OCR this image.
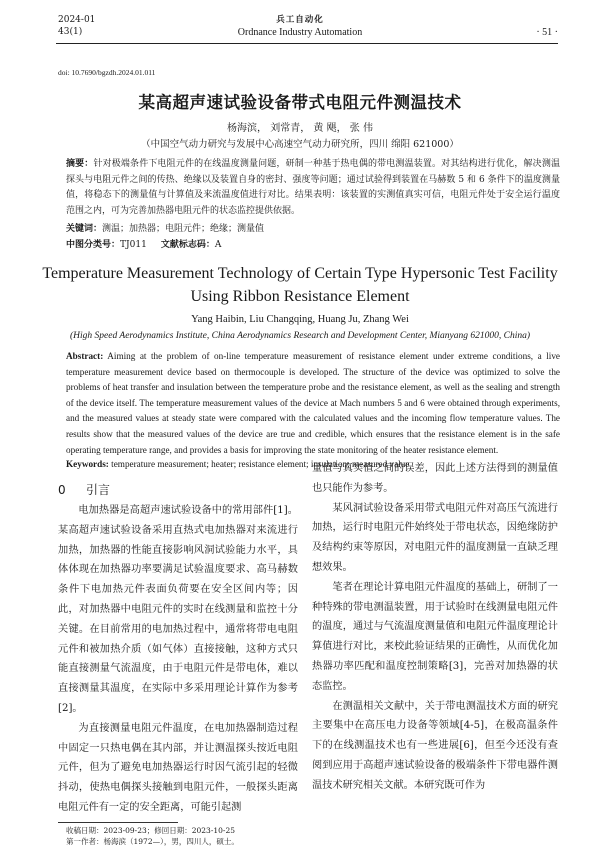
2024-01
43(1)
兵工自动化
Ordnance Industry Automation	· 51 ·
doi: 10.7690/bgzdh.2024.01.011
某高超声速试验设备带式电阻元件测温技术
杨海滨， 刘常青， 黄 飓， 张 伟
（中国空气动力研究与发展中心高速空气动力研究所，四川 绵阳 621000）
摘要：针对极端条件下电阻元件的在线温度测量问题，研制一种基于热电偶的带电测温装置。对其结构进行优化，解决测温探头与电阻元件之间的传热、绝缘以及装置自身的密封、强度等问题；通过试验得到装置在马赫数 5 和 6 条件下的温度测量值，将稳态下的测量值与计算值及来流温度值进行对比。结果表明：该装置的实测值真实可信，电阻元件处于安全运行温度范围之内，可为完善加热器电阻元件的状态监控提供依据。
关键词：测温；加热器；电阻元件；绝缘；测量值
中图分类号：TJ011 文献标志码：A
Temperature Measurement Technology of Certain Type Hypersonic Test Facility
Using Ribbon Resistance Element
Yang Haibin, Liu Changqing, Huang Ju, Zhang Wei
(High Speed Aerodynamics Institute, China Aerodynamics Research and Development Center, Mianyang 621000, China)
Abstract: Aiming at the problem of on-line temperature measurement of resistance element under extreme conditions, a live temperature measurement device based on thermocouple is developed. The structure of the device was optimized to solve the problems of heat transfer and insulation between the temperature probe and the resistance element, as well as the sealing and strength of the device itself. The temperature measurement values of the device at Mach numbers 5 and 6 were obtained through experiments, and the measured values at steady state were compared with the calculated values and the incoming flow temperature values. The results show that the measured values of the device are true and credible, which ensures that the resistance element is in the safe operating temperature range, and provides a basis for improving the state monitoring of the heater resistance element.
Keywords: temperature measurement; heater; resistance element; insulation; measured value
0 引言

电加热器是高超声速试验设备中的常用部件[1]。某高超声速试验设备采用直热式电加热器对来流进行加热，加热器的性能直接影响风洞试验能力水平，具体体现在加热器功率要满足试验温度要求、高马赫数条件下电加热元件表面负荷要在安全区间内等；因此，对加热器中电阻元件的实时在线测量和监控十分关键。在目前常用的电加热过程中，通常将带电电阻元件和被加热介质（如气体）直接接触，这种方式只能直接测量气流温度，由于电阻元件是带电体，难以直接测量其温度，在实际中多采用理论计算作为参考[2]。

为直接测量电阻元件温度，在电加热器制造过程中固定一只热电偶在其内部，并让测温探头按近电阻元件，但为了避免电加热器运行时因气流引起的轻微抖动，使热电偶探头接触到电阻元件，一般探头距离电阻元件有一定的安全距离，可能引起测

量值与真实值之间的误差，因此上述方法得到的测量值也只能作为参考。

某风洞试验设备采用带式电阻元件对高压气流进行加热，运行时电阻元件始终处于带电状态，因绝缘防护及结构约束等原因，对电阻元件的温度测量一直缺乏理想效果。

笔者在理论计算电阻元件温度的基础上，研制了一种特殊的带电测温装置，用于试验时在线测量电阻元件的温度，通过与气流温度测量值和电阻元件温度理论计算值进行对比，来校此验证结果的正确性，从而优化加热器功率匹配和温度控制策略[3]，完善对加热器的状态监控。

在测温相关文献中，关于带电测温技术方面的研究主要集中在高压电力设备等领域[4-5]，在极高温条件下的在线测温技术也有一些进展[6]，但至今还没有查阅到应用于高超声速试验设备的极端条件下带电器件测温技术研究相关文献。本研究既可作为

收稿日期：2023-09-23；修回日期：2023-10-25
第一作者：杨海滨（1972—），男，四川人，硕士。
